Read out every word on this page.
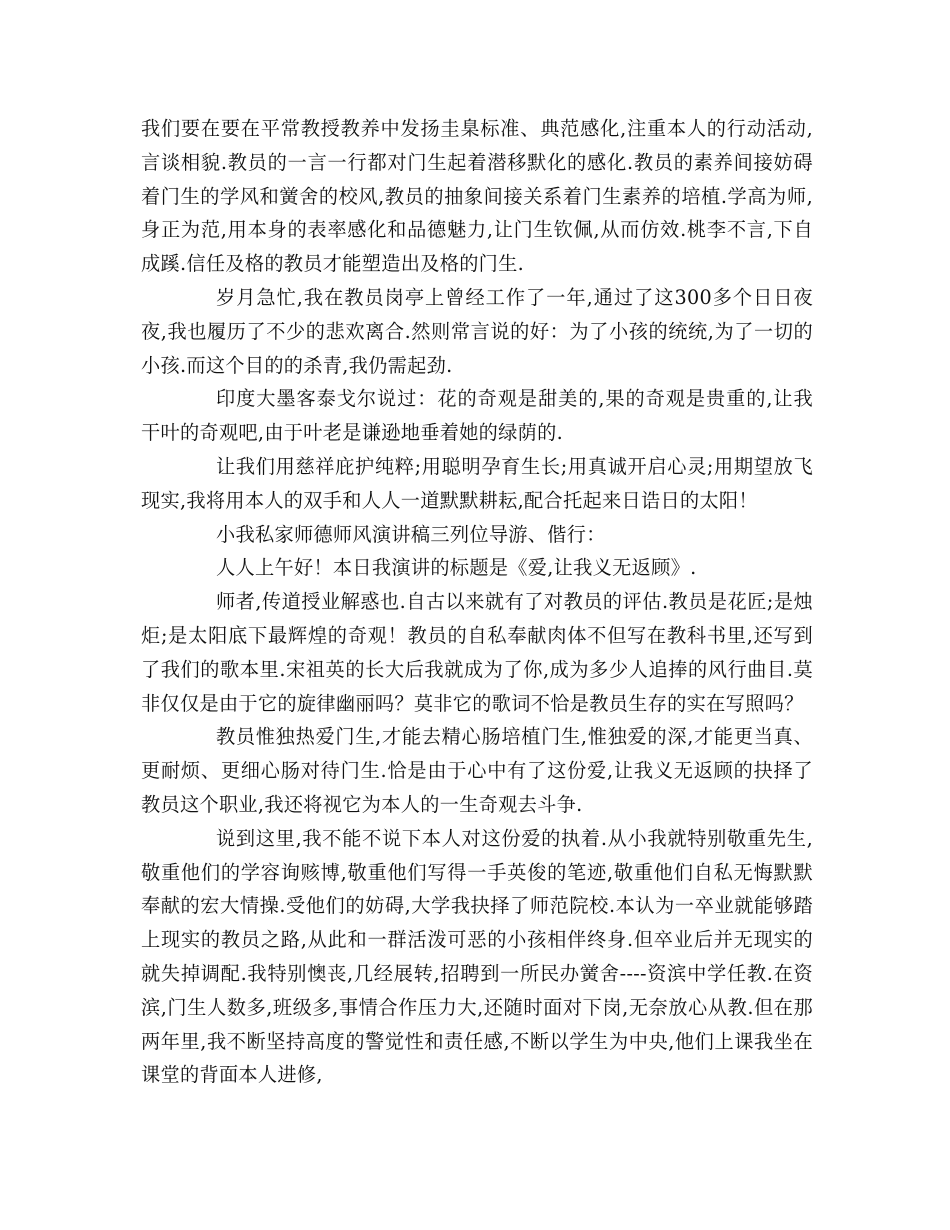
我们要在要在平常教授教养中发扬圭臬标准、典范感化,注重本人的行动活动,言谈相貌.教员的一言一行都对门生起着潜移默化的感化.教员的素养间接妨碍着门生的学风和黉舍的校风,教员的抽象间接关系着门生素养的培植.学高为师,身正为范,用本身的表率感化和品德魅力,让门生钦佩,从而仿效.桃李不言,下自成蹊.信任及格的教员才能塑造出及格的门生.

岁月急忙,我在教员岗亭上曾经工作了一年,通过了这300多个日日夜夜,我也履历了不少的悲欢离合.然则常言说的好：为了小孩的统统,为了一切的小孩.而这个目的的杀青,我仍需起劲.

印度大墨客泰戈尔说过：花的奇观是甜美的,果的奇观是贵重的,让我干叶的奇观吧,由于叶老是谦逊地垂着她的绿荫的.

让我们用慈祥庇护纯粹;用聪明孕育生长;用真诚开启心灵;用期望放飞现实,我将用本人的双手和人人一道默默耕耘,配合托起来日诰日的太阳！

小我私家师德师风演讲稿三列位导游、偕行：

人人上午好！本日我演讲的标题是《爱,让我义无返顾》.

师者,传道授业解惑也.自古以来就有了对教员的评估.教员是花匠;是烛炬;是太阳底下最辉煌的奇观！教员的自私奉献肉体不但写在教科书里,还写到了我们的歌本里.宋祖英的长大后我就成为了你,成为多少人追捧的风行曲目.莫非仅仅是由于它的旋律幽丽吗？莫非它的歌词不恰是教员生存的实在写照吗？

教员惟独热爱门生,才能去精心肠培植门生,惟独爱的深,才能更当真、更耐烦、更细心肠对待门生.恰是由于心中有了这份爱,让我义无返顾的抉择了教员这个职业,我还将视它为本人的一生奇观去斗争.

说到这里,我不能不说下本人对这份爱的执着.从小我就特别敬重先生,敬重他们的学容询赅博,敬重他们写得一手英俊的笔迹,敬重他们自私无悔默默奉献的宏大情操.受他们的妨碍,大学我抉择了师范院校.本认为一卒业就能够踏上现实的教员之路,从此和一群活泼可恶的小孩相伴终身.但卒业后并无现实的就失掉调配.我特别懊丧,几经展转,招聘到一所民办黉舍----资滨中学任教.在资滨,门生人数多,班级多,事情合作压力大,还随时面对下岗,无奈放心从教.但在那两年里,我不断坚持高度的警觉性和责任感,不断以学生为中央,他们上课我坐在课堂的背面本人进修,
